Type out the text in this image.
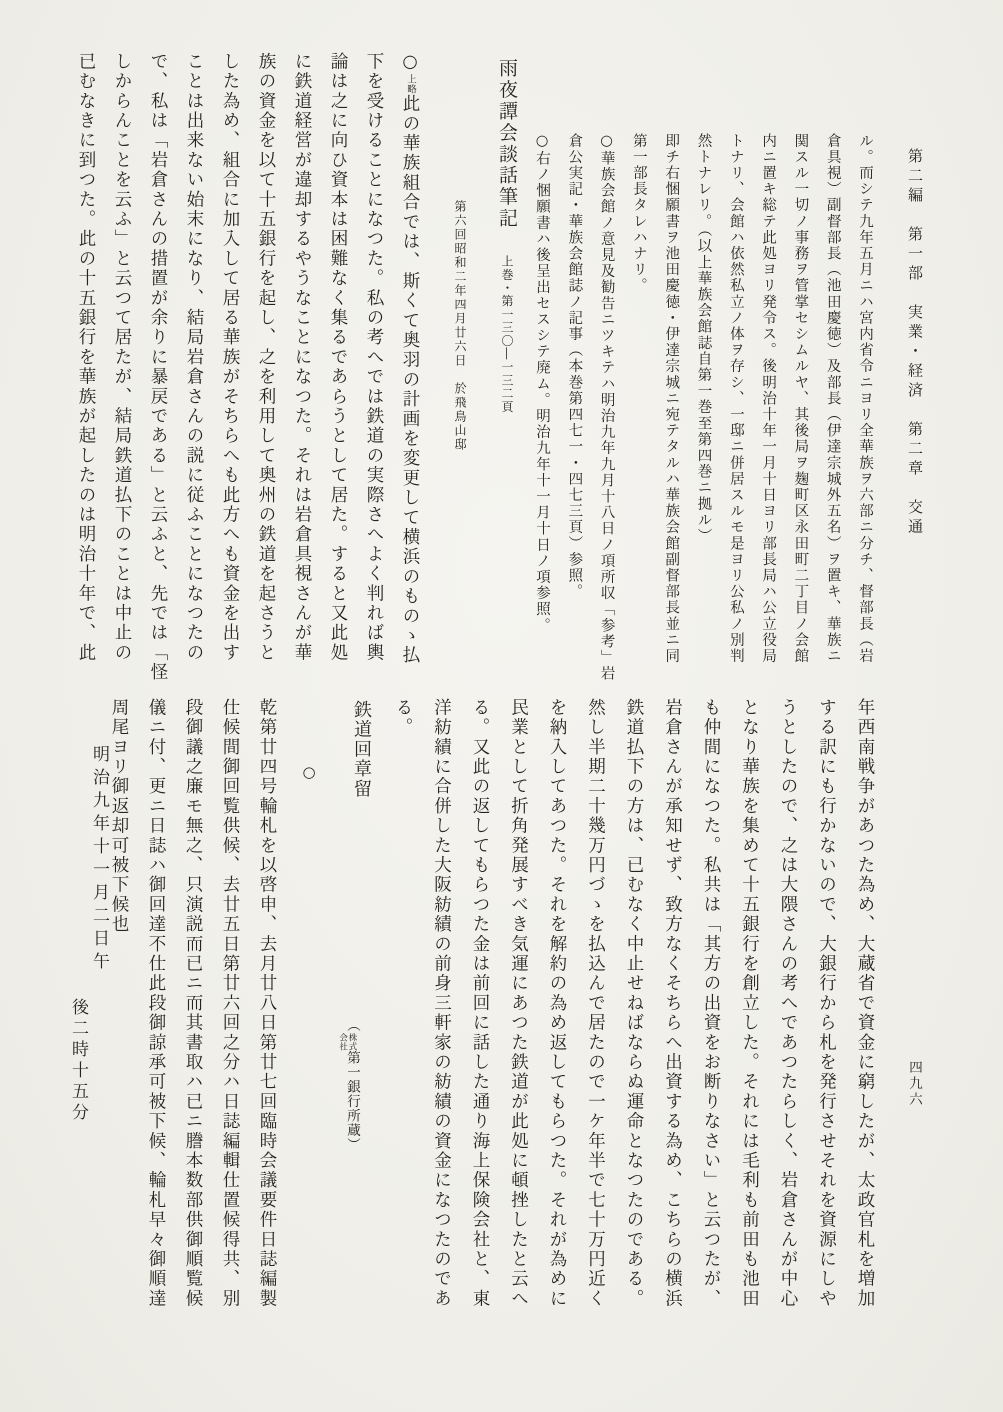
第二編　第一部　実業・経済　第二章　交通
ル。而シテ九年五月ニハ宮内省令ニヨリ全華族ヲ六部ニ分チ、督部長（岩
倉具視）副督部長（池田慶徳）及部長（伊達宗城外五名）ヲ置キ、華族ニ
関スル一切ノ事務ヲ管掌セシムルヤ、其後局ヲ麹町区永田町二丁目ノ会館
内ニ置キ総テ此処ヨリ発令ス。後明治十年一月十日ヨリ部長局ハ公立役局
トナリ、会館ハ依然私立ノ体ヲ存シ、一邸ニ併居スルモ是ヨリ公私ノ別判
然トナレリ。（以上華族会館誌自第一巻至第四巻ニ拠ル）
即チ右悃願書ヲ池田慶徳・伊達宗城ニ宛テタルハ華族会館副督部長並ニ同
第一部長タレハナリ。
○華族会館ノ意見及勧告ニツキテハ明治九年九月十八日ノ項所収「参考」岩
倉公実記・華族会館誌ノ記事（本巻第四七一・四七三頁）参照。
○右ノ悃願書ハ後呈出セスシテ廃ム。明治九年十一月十日ノ項参照。
雨夜譚会談話筆記上巻・第一三〇―一三二頁
第六回昭和二年四月廿六日　於飛鳥山邸
○上略此の華族組合では、斯くて奥羽の計画を変更して横浜のものゝ払
下を受けることになつた。私の考へでは鉄道の実際さへよく判れば輿
論は之に向ひ資本は困難なく集るであらうとして居た。すると又此処
に鉄道経営が違却するやうなことになつた。それは岩倉具視さんが華
族の資金を以て十五銀行を起し、之を利用して奥州の鉄道を起さうと
した為め、組合に加入して居る華族がそちらへも此方へも資金を出す
ことは出来ない始末になり、結局岩倉さんの説に従ふことになつたの
で、私は「岩倉さんの措置が余りに暴戻である」と云ふと、先では「怪
しからんことを云ふ」と云つて居たが、結局鉄道払下のことは中止の
已むなきに到つた。此の十五銀行を華族が起したのは明治十年で、此
年西南戦争があつた為め、大蔵省で資金に窮したが、太政官札を増加
する訳にも行かないので、大銀行から札を発行させそれを資源にしや
うとしたので、之は大隈さんの考へであつたらしく、岩倉さんが中心
となり華族を集めて十五銀行を創立した。それには毛利も前田も池田
も仲間になつた。私共は「其方の出資をお断りなさい」と云つたが、
岩倉さんが承知せず、致方なくそちらへ出資する為め、こちらの横浜
鉄道払下の方は、已むなく中止せねばならぬ運命となつたのである。
然し半期二十幾万円づゝを払込んで居たので一ケ年半で七十万円近く
を納入してあつた。それを解約の為め返してもらつた。それが為めに
民業として折角発展すべき気運にあつた鉄道が此処に頓挫したと云へ
る。又此の返してもらつた金は前回に話した通り海上保険会社と、東
洋紡績に合併した大阪紡績の前身三軒家の紡績の資金になつたのであ
る。
鉄道回章留
（
株式
会社
第一銀行所蔵）
○
乾第廿四号輪札を以啓申、去月廿八日第廿七回臨時会議要件日誌編製
仕候間御回覧供候、去廿五日第廿六回之分ハ日誌編輯仕置候得共、別
段御議之廉モ無之、只演説而已ニ而其書取ハ已ニ謄本数部供御順覧候
儀ニ付、更ニ日誌ハ御回達不仕此段御諒承可被下候、輪札早々御順達
周尾ヨリ御返却可被下候也
明治九年十一月二日午
後二時十五分	四九六
